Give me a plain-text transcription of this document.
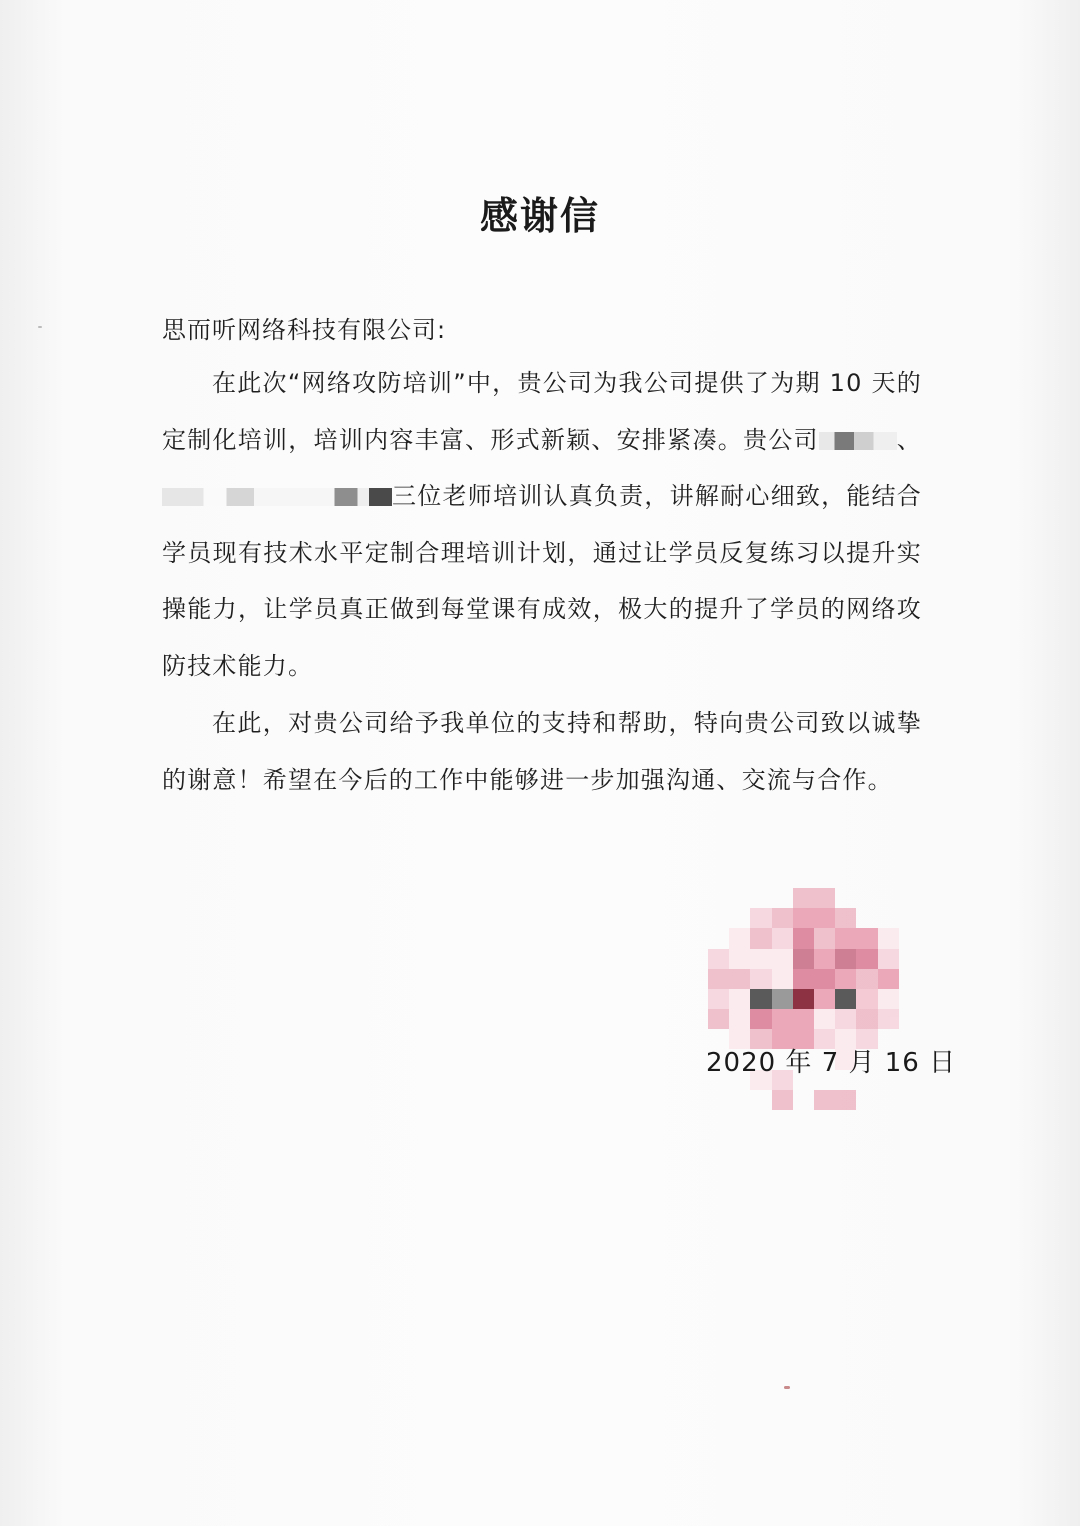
感谢信
思而听网络科技有限公司:
在此次“网络攻防培训”中，贵公司为我公司提供了为期 10 天的定制化培训，培训内容丰富、形式新颖、安排紧凑。贵公司	、三位老师培训认真负责，讲解耐心细致，能结合学员现有技术水平定制合理培训计划，通过让学员反复练习以提升实操能力，让学员真正做到每堂课有成效，极大的提升了学员的网络攻防技术能力。
在此，对贵公司给予我单位的支持和帮助，特向贵公司致以诚挚的谢意！希望在今后的工作中能够进一步加强沟通、交流与合作。
2020 年 7 月 16 日
